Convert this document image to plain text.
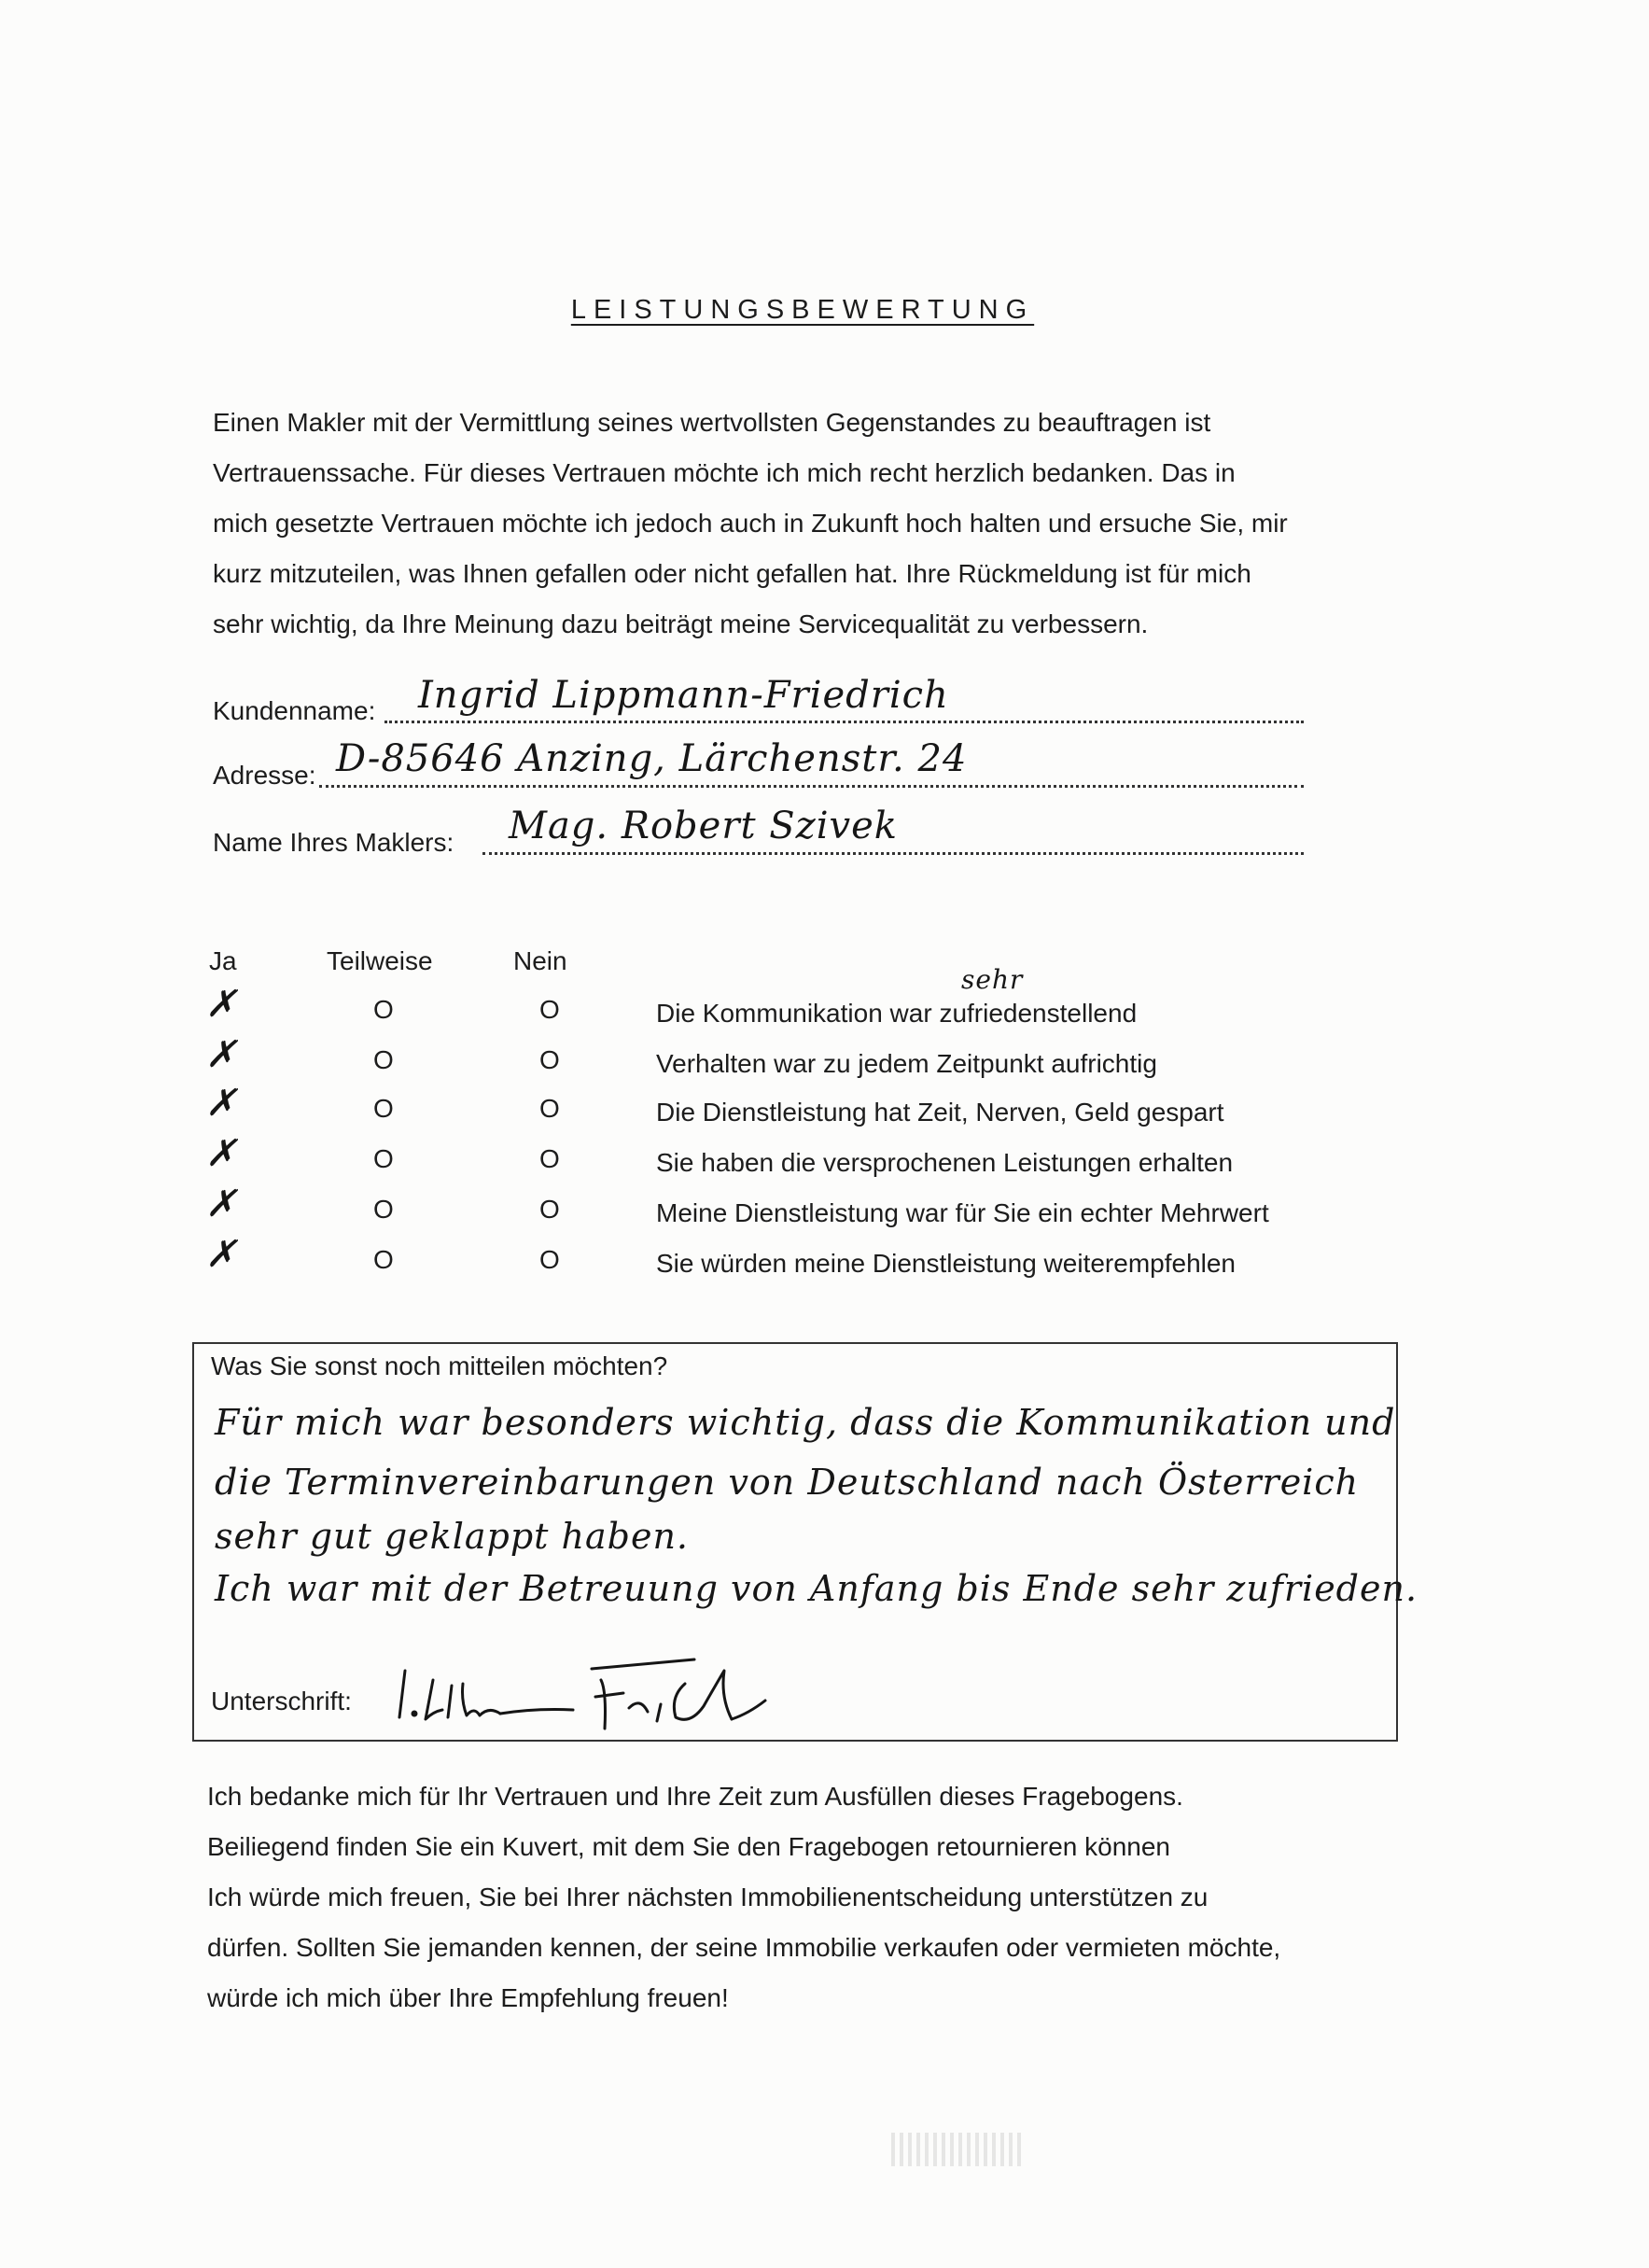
LEISTUNGSBEWERTUNG
Einen Makler mit der Vermittlung seines wertvollsten Gegenstandes zu beauftragen ist
Vertrauenssache. Für dieses Vertrauen möchte ich mich recht herzlich bedanken. Das in
mich gesetzte Vertrauen möchte ich jedoch auch in Zukunft hoch halten und ersuche Sie, mir
kurz mitzuteilen, was Ihnen gefallen oder nicht gefallen hat. Ihre Rückmeldung ist für mich
sehr wichtig, da Ihre Meinung dazu beiträgt meine Servicequalität zu verbessern.
Kundenname: Ingrid Lippmann-Friedrich
Adresse: D-85646 Anzing, Lärchenstr. 24
Name Ihres Maklers: Mag. Robert Szivek
Ja	Teilweise	Nein
✗	O	O	Die Kommunikation war zufriedenstellend
sehr
✗	O	O	Verhalten war zu jedem Zeitpunkt aufrichtig
✗	O	O	Die Dienstleistung hat Zeit, Nerven, Geld gespart
✗	O	O	Sie haben die versprochenen Leistungen erhalten
✗	O	O	Meine Dienstleistung war für Sie ein echter Mehrwert
✗	O	O	Sie würden meine Dienstleistung weiterempfehlen
Was Sie sonst noch mitteilen möchten?
Für mich war besonders wichtig, dass die Kommunikation und
die Terminvereinbarungen von Deutschland nach Österreich
sehr gut geklappt haben.
Ich war mit der Betreuung von Anfang bis Ende sehr zufrieden.
Unterschrift:
Ich bedanke mich für Ihr Vertrauen und Ihre Zeit zum Ausfüllen dieses Fragebogens.
Beiliegend finden Sie ein Kuvert, mit dem Sie den Fragebogen retournieren können
Ich würde mich freuen, Sie bei Ihrer nächsten Immobilienentscheidung unterstützen zu
dürfen. Sollten Sie jemanden kennen, der seine Immobilie verkaufen oder vermieten möchte,
würde ich mich über Ihre Empfehlung freuen!
